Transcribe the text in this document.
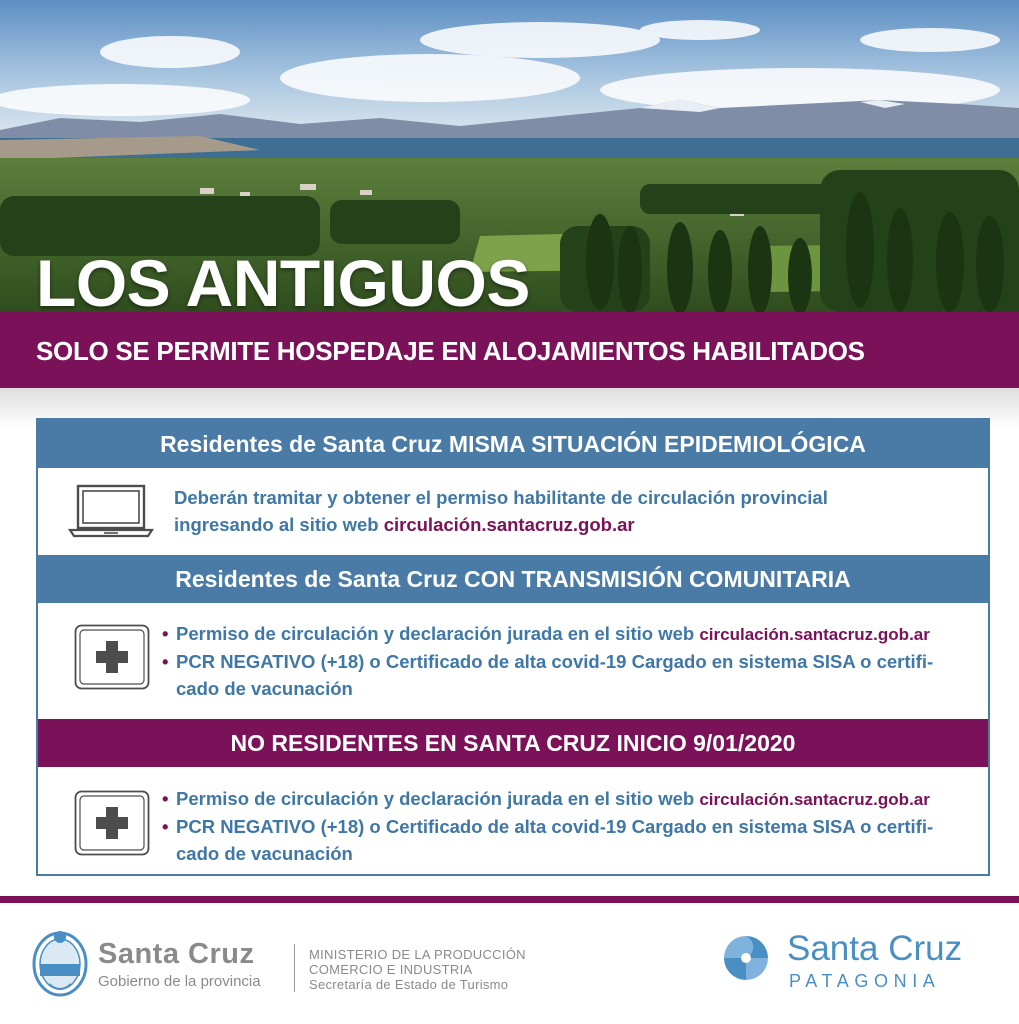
LOS ANTIGUOS
SOLO SE PERMITE HOSPEDAJE EN ALOJAMIENTOS HABILITADOS
Residentes de Santa Cruz MISMA SITUACIÓN EPIDEMIOLÓGICA
Deberán tramitar y obtener el permiso habilitante de circulación provincial
ingresando al sitio web circulación.santacruz.gob.ar
Residentes de Santa Cruz CON TRANSMISIÓN COMUNITARIA
• Permiso de circulación y declaración jurada en el sitio web circulación.santacruz.gob.ar
• PCR NEGATIVO (+18) o Certificado de alta covid-19 Cargado en sistema SISA o certifi-
cado de vacunación
NO RESIDENTES EN SANTA CRUZ INICIO 9/01/2020
• Permiso de circulación y declaración jurada en el sitio web circulación.santacruz.gob.ar
• PCR NEGATIVO (+18) o Certificado de alta covid-19 Cargado en sistema SISA o certifi-
cado de vacunación
Santa Cruz
Gobierno de la provincia
MINISTERIO DE LA PRODUCCIÓN
COMERCIO E INDUSTRIA
Secretaría de Estado de Turismo
Santa Cruz
PATAGONIA
